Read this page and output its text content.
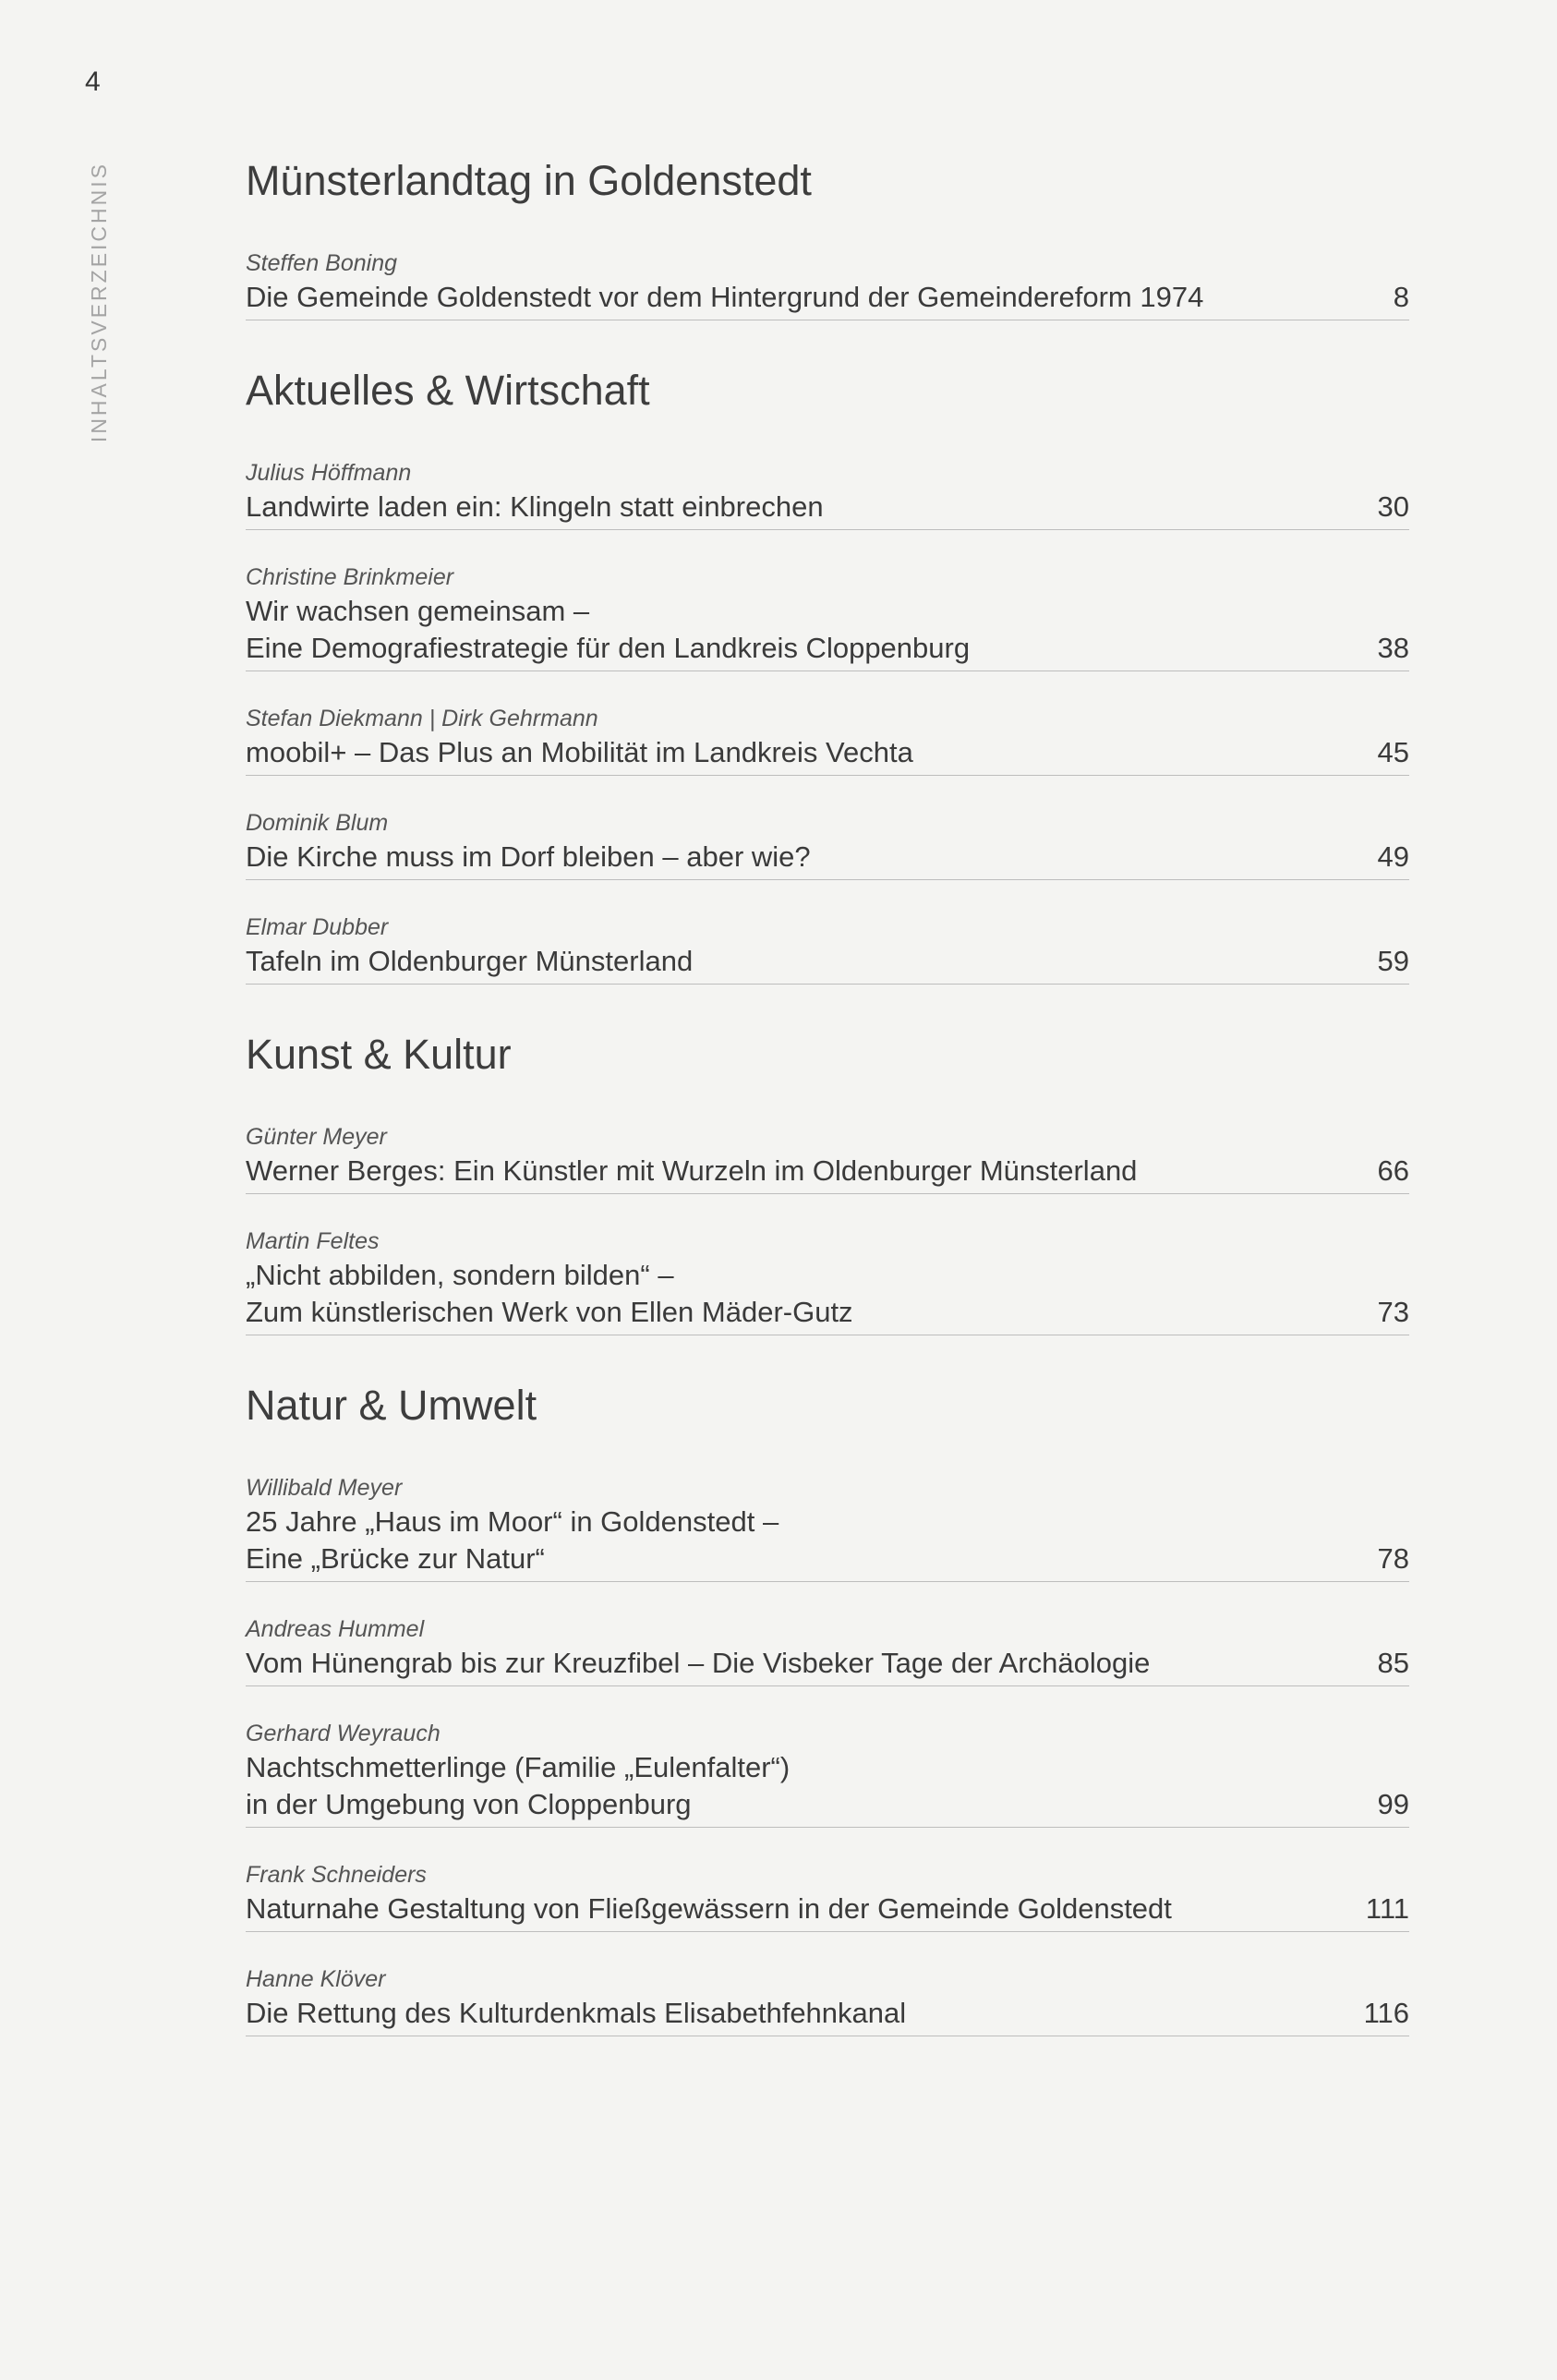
4
INHALTSVERZEICHNIS	Münsterlandtag in Goldenstedt
Steffen Boning
Die Gemeinde Goldenstedt vor dem Hintergrund der Gemeindereform 1974	8
Aktuelles & Wirtschaft
Julius Höffmann
Landwirte laden ein: Klingeln statt einbrechen	30
Christine Brinkmeier
Wir wachsen gemeinsam –
Eine Demografiestrategie für den Landkreis Cloppenburg	38
Stefan Diekmann | Dirk Gehrmann
moobil+ – Das Plus an Mobilität im Landkreis Vechta	45
Dominik Blum
Die Kirche muss im Dorf bleiben – aber wie?	49
Elmar Dubber
Tafeln im Oldenburger Münsterland	59
Kunst & Kultur
Günter Meyer
Werner Berges: Ein Künstler mit Wurzeln im Oldenburger Münsterland	66
Martin Feltes
„Nicht abbilden, sondern bilden“ –
Zum künstlerischen Werk von Ellen Mäder-Gutz	73
Natur & Umwelt
Willibald Meyer
25 Jahre „Haus im Moor“ in Goldenstedt –
Eine „Brücke zur Natur“	78
Andreas Hummel
Vom Hünengrab bis zur Kreuzfibel – Die Visbeker Tage der Archäologie	85
Gerhard Weyrauch
Nachtschmetterlinge (Familie „Eulenfalter“)
in der Umgebung von Cloppenburg	99
Frank Schneiders
Naturnahe Gestaltung von Fließgewässern in der Gemeinde Goldenstedt	111
Hanne Klöver
Die Rettung des Kulturdenkmals Elisabethfehnkanal	116
